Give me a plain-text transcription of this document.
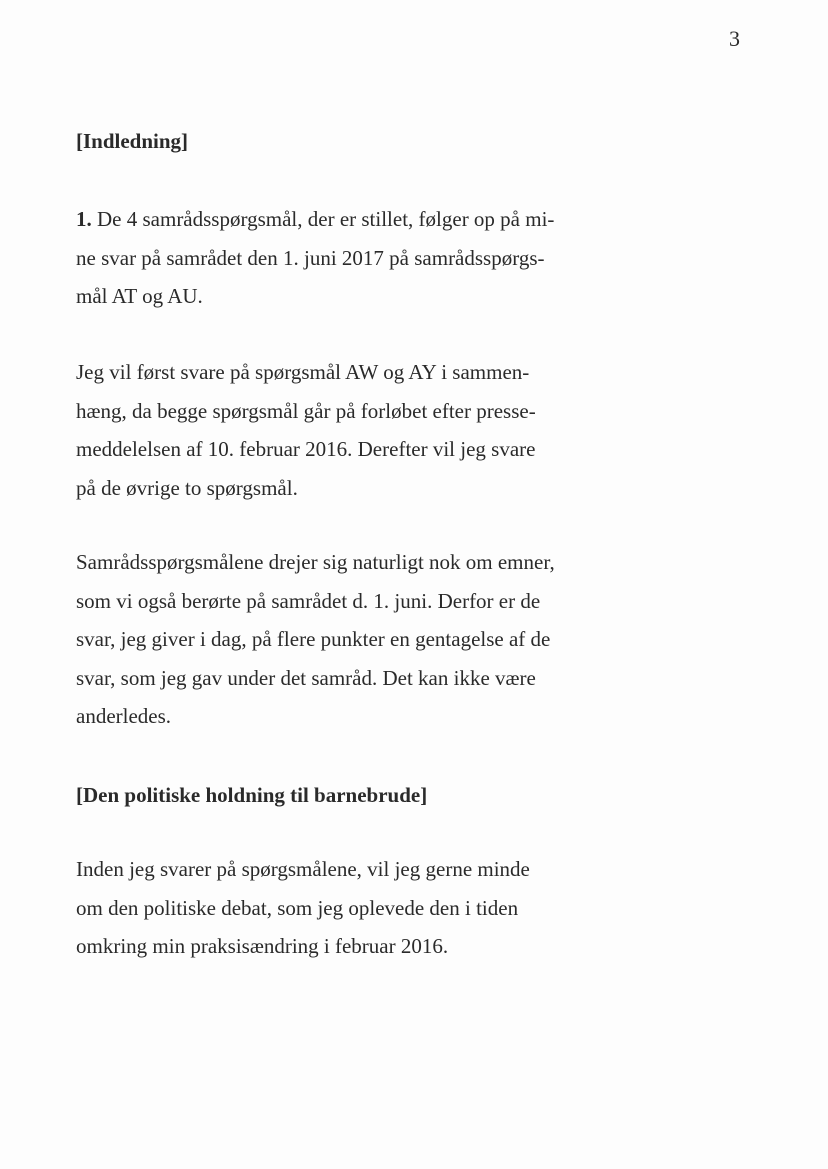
3
[Indledning]
1. De 4 samrådsspørgsmål, der er stillet, følger op på mi-
ne svar på samrådet den 1. juni 2017 på samrådsspørgs-
mål AT og AU.
Jeg vil først svare på spørgsmål AW og AY i sammen-
hæng, da begge spørgsmål går på forløbet efter presse-
meddelelsen af 10. februar 2016. Derefter vil jeg svare
på de øvrige to spørgsmål.
Samrådsspørgsmålene drejer sig naturligt nok om emner,
som vi også berørte på samrådet d. 1. juni. Derfor er de
svar, jeg giver i dag, på flere punkter en gentagelse af de
svar, som jeg gav under det samråd. Det kan ikke være
anderledes.
[Den politiske holdning til barnebrude]
Inden jeg svarer på spørgsmålene, vil jeg gerne minde
om den politiske debat, som jeg oplevede den i tiden
omkring min praksisændring i februar 2016.
